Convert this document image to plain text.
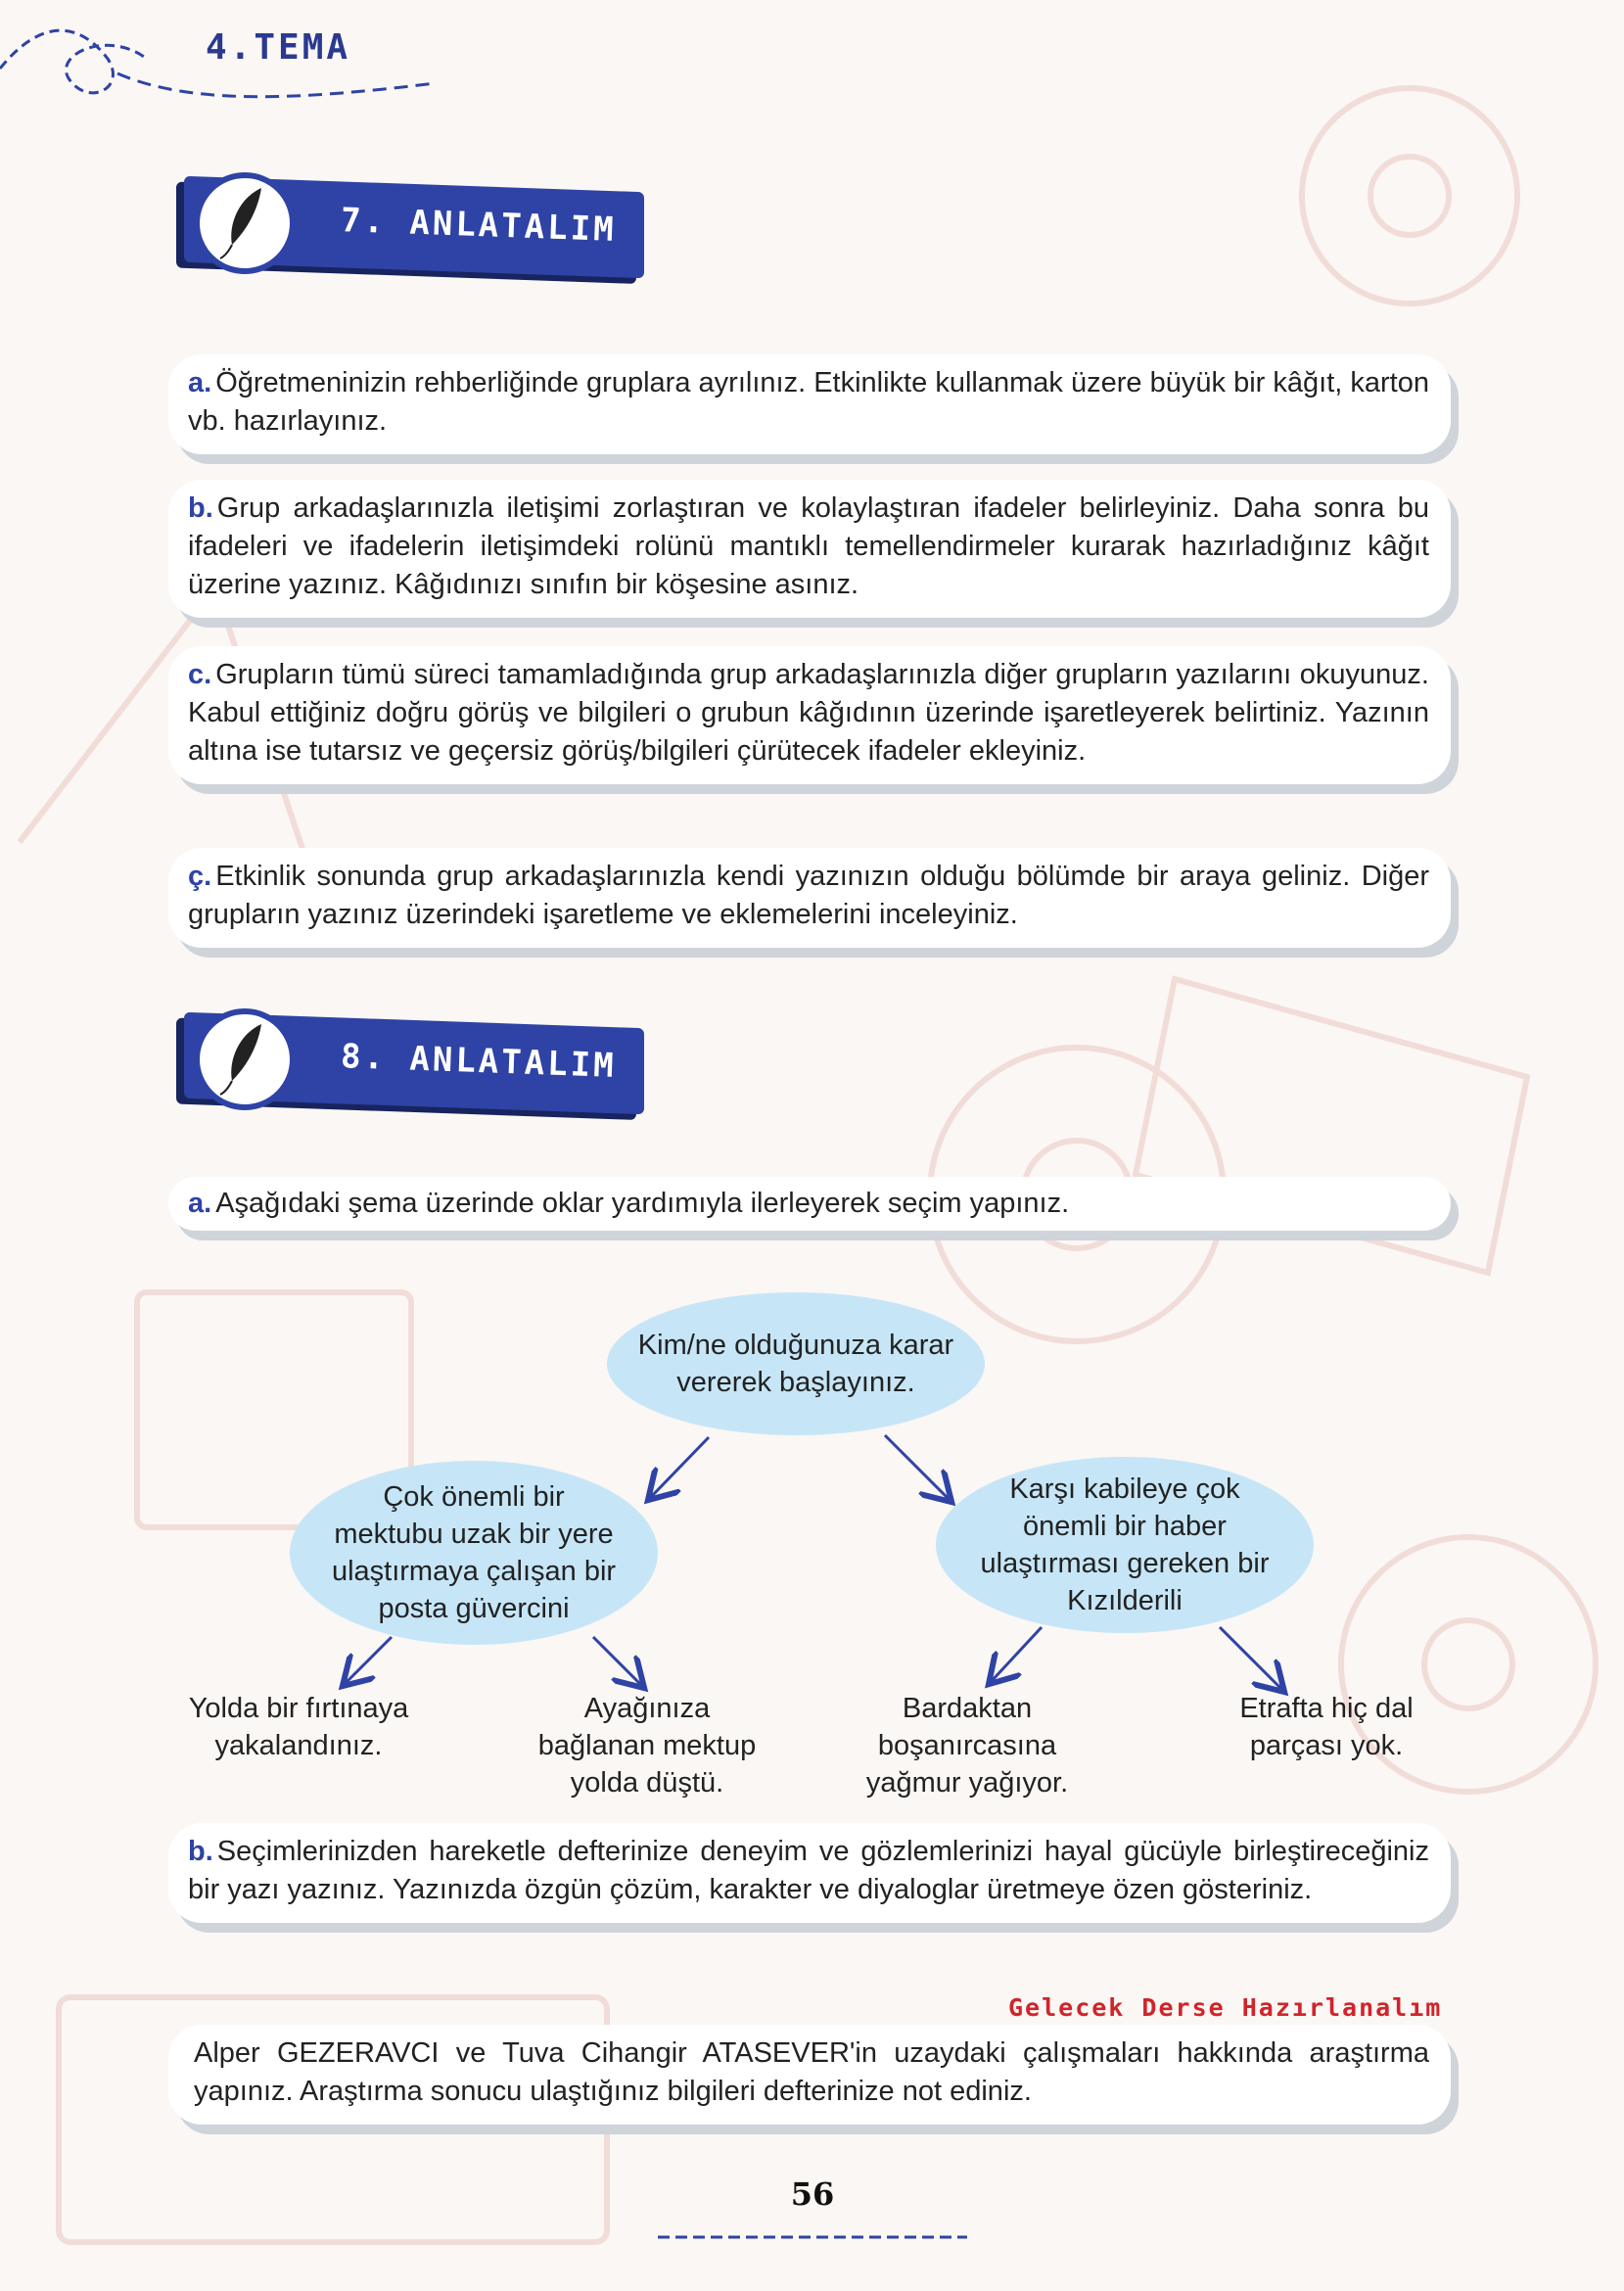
4.TEMA
7. ANLATALIM
a. Öğretmeninizin rehberliğinde gruplara ayrılınız. Etkinlikte kullanmak üzere büyük bir kâğıt, karton vb. hazırlayınız.
b. Grup arkadaşlarınızla iletişimi zorlaştıran ve kolaylaştıran ifadeler belirleyiniz. Daha sonra bu ifadeleri ve ifadelerin iletişimdeki rolünü mantıklı temellendirmeler kurarak hazırladığınız kâğıt üzerine yazınız. Kâğıdınızı sınıfın bir köşesine asınız.
c. Grupların tümü süreci tamamladığında grup arkadaşlarınızla diğer grupların yazılarını okuyunuz. Kabul ettiğiniz doğru görüş ve bilgileri o grubun kâğıdının üzerinde işaretleyerek belirtiniz. Yazının altına ise tutarsız ve geçersiz görüş/bilgileri çürütecek ifadeler ekleyiniz.
ç. Etkinlik sonunda grup arkadaşlarınızla kendi yazınızın olduğu bölümde bir araya geliniz. Diğer grupların yazınız üzerindeki işaretleme ve eklemelerini inceleyiniz.
8. ANLATALIM
a. Aşağıdaki şema üzerinde oklar yardımıyla ilerleyerek seçim yapınız.
Kim/ne olduğunuza karar vererek başlayınız.
Çok önemli bir mektubu uzak bir yere ulaştırmaya çalışan bir posta güvercini
Karşı kabileye çok önemli bir haber ulaştırması gereken bir Kızılderili
Yolda bir fırtınaya yakalandınız.
Ayağınıza bağlanan mektup yolda düştü.
Bardaktan boşanırcasına yağmur yağıyor.
Etrafta hiç dal parçası yok.
b. Seçimlerinizden hareketle defterinize deneyim ve gözlemlerinizi hayal gücüyle birleştireceğiniz bir yazı yazınız. Yazınızda özgün çözüm, karakter ve diyaloglar üretmeye özen gösteriniz.
Gelecek Derse Hazırlanalım
Alper GEZERAVCI ve Tuva Cihangir ATASEVER'in uzaydaki çalışmaları hakkında araştırma yapınız. Araştırma sonucu ulaştığınız bilgileri defterinize not ediniz.
56
